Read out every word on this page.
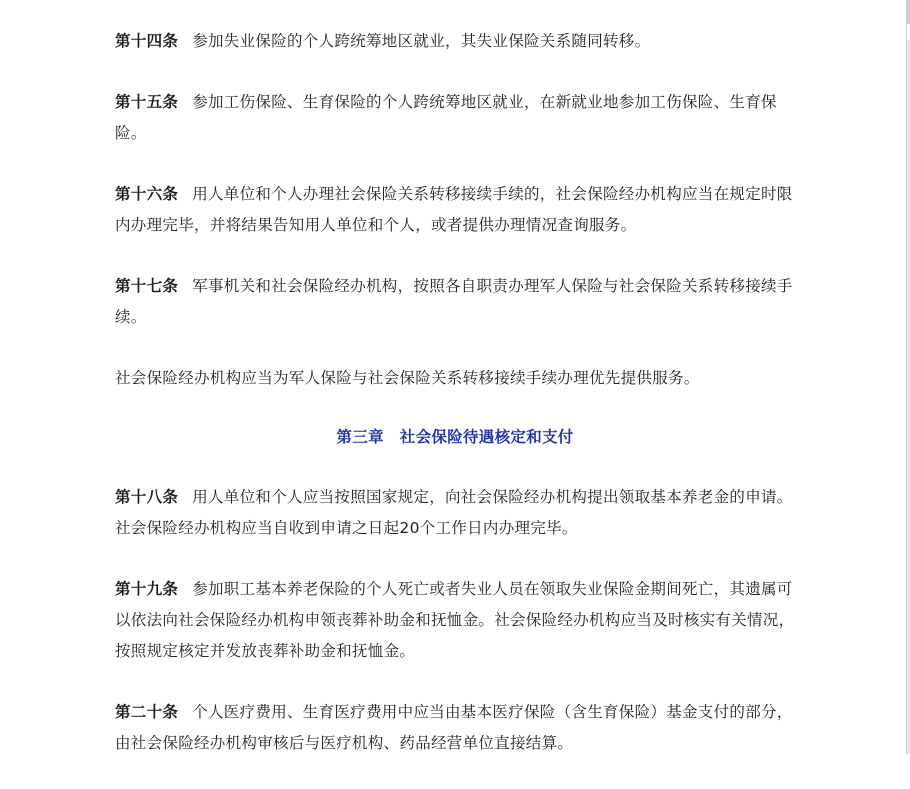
第十四条 参加失业保险的个人跨统筹地区就业，其失业保险关系随同转移。

第十五条 参加工伤保险、生育保险的个人跨统筹地区就业，在新就业地参加工伤保险、生育保险。

第十六条 用人单位和个人办理社会保险关系转移接续手续的，社会保险经办机构应当在规定时限内办理完毕，并将结果告知用人单位和个人，或者提供办理情况查询服务。

第十七条 军事机关和社会保险经办机构，按照各自职责办理军人保险与社会保险关系转移接续手续。

社会保险经办机构应当为军人保险与社会保险关系转移接续手续办理优先提供服务。

第三章 社会保险待遇核定和支付

第十八条 用人单位和个人应当按照国家规定，向社会保险经办机构提出领取基本养老金的申请。社会保险经办机构应当自收到申请之日起20个工作日内办理完毕。

第十九条 参加职工基本养老保险的个人死亡或者失业人员在领取失业保险金期间死亡，其遗属可以依法向社会保险经办机构申领丧葬补助金和抚恤金。社会保险经办机构应当及时核实有关情况，按照规定核定并发放丧葬补助金和抚恤金。

第二十条 个人医疗费用、生育医疗费用中应当由基本医疗保险（含生育保险）基金支付的部分，由社会保险经办机构审核后与医疗机构、药品经营单位直接结算。
